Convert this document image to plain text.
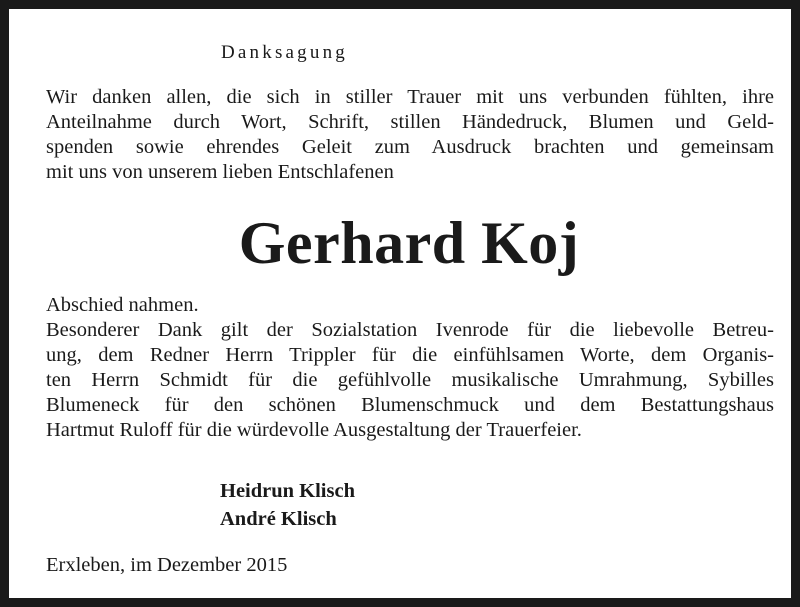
Danksagung
Wir danken allen, die sich in stiller Trauer mit uns verbunden fühlten, ihre
Anteilnahme durch Wort, Schrift, stillen Händedruck, Blumen und Geld-
spenden sowie ehrendes Geleit zum Ausdruck brachten und gemeinsam
mit uns von unserem lieben Entschlafenen
Gerhard Koj
Abschied nahmen.
Besonderer Dank gilt der Sozialstation Ivenrode für die liebevolle Betreu-
ung, dem Redner Herrn Trippler für die einfühlsamen Worte, dem Organis-
ten Herrn Schmidt für die gefühlvolle musikalische Umrahmung, Sybilles
Blumeneck für den schönen Blumenschmuck und dem Bestattungshaus
Hartmut Ruloff für die würdevolle Ausgestaltung der Trauerfeier.
Heidrun Klisch
André Klisch
Erxleben, im Dezember 2015
